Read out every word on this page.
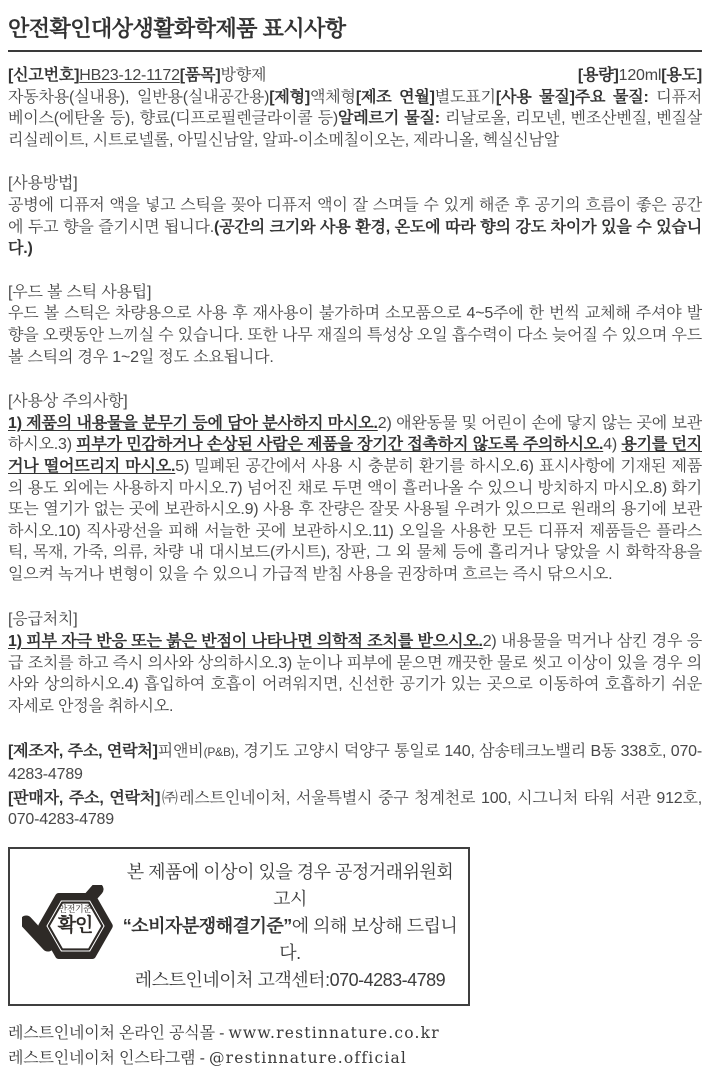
안전확인대상생활화학제품 표시사항
[신고번호]HB23-12-1172[품목]방향제	[용량]120ml[용도]

자동차용(실내용), 일반용(실내공간용)[제형]액체형[제조 연월]별도표기[사용 물질]주요 물질: 디퓨저 베이스(에탄올 등), 향료(디프로필렌글라이콜 등)알레르기 물질: 리날로올, 리모넨, 벤조산벤질, 벤질살리실레이트, 시트로넬롤, 아밀신남알, 알파-이소메칠이오논, 제라니올, 헥실신남알

[사용방법]

공병에 디퓨저 액을 넣고 스틱을 꽂아 디퓨저 액이 잘 스며들 수 있게 해준 후 공기의 흐름이 좋은 공간에 두고 향을 즐기시면 됩니다.(공간의 크기와 사용 환경, 온도에 따라 향의 강도 차이가 있을 수 있습니다.)

[우드 볼 스틱 사용팁]

우드 볼 스틱은 차량용으로 사용 후 재사용이 불가하며 소모품으로 4~5주에 한 번씩 교체해 주셔야 발향을 오랫동안 느끼실 수 있습니다. 또한 나무 재질의 특성상 오일 흡수력이 다소 늦어질 수 있으며 우드 볼 스틱의 경우 1~2일 정도 소요됩니다.

[사용상 주의사항]

1) 제품의 내용물을 분무기 등에 담아 분사하지 마시오.2) 애완동물 및 어린이 손에 닿지 않는 곳에 보관하시오.3) 피부가 민감하거나 손상된 사람은 제품을 장기간 접촉하지 않도록 주의하시오.4) 용기를 던지거나 떨어뜨리지 마시오.5) 밀폐된 공간에서 사용 시 충분히 환기를 하시오.6) 표시사항에 기재된 제품의 용도 외에는 사용하지 마시오.7) 넘어진 채로 두면 액이 흘러나올 수 있으니 방치하지 마시오.8) 화기 또는 열기가 없는 곳에 보관하시오.9) 사용 후 잔량은 잘못 사용될 우려가 있으므로 원래의 용기에 보관하시오.10) 직사광선을 피해 서늘한 곳에 보관하시오.11) 오일을 사용한 모든 디퓨저 제품들은 플라스틱, 목재, 가죽, 의류, 차량 내 대시보드(카시트), 장판, 그 외 물체 등에 흘리거나 닿았을 시 화학작용을 일으켜 녹거나 변형이 있을 수 있으니 가급적 받침 사용을 권장하며 흐르는 즉시 닦으시오.

[응급처치]

1) 피부 자극 반응 또는 붉은 반점이 나타나면 의학적 조치를 받으시오.2) 내용물을 먹거나 삼킨 경우 응급 조치를 하고 즉시 의사와 상의하시오.3) 눈이나 피부에 묻으면 깨끗한 물로 씻고 이상이 있을 경우 의사와 상의하시오.4) 흡입하여 호흡이 어려워지면, 신선한 공기가 있는 곳으로 이동하여 호흡하기 쉬운 자세로 안정을 취하시오.

[제조자, 주소, 연락처]피앤비(P&B), 경기도 고양시 덕양구 통일로 140, 삼송테크노밸리 B동 338호, 070-4283-4789

[판매자, 주소, 연락처]㈜레스트인네이처, 서울특별시 중구 청계천로 100, 시그니처 타워 서관 912호, 070-4283-4789

안전기준
확인
본 제품에 이상이 있을 경우 공정거래위원회 고시
“소비자분쟁해결기준”에 의해 보상해 드립니다.
레스트인네이처 고객센터:070-4283-4789
레스트인네이처 온라인 공식몰 - www.restinnature.co.kr
레스트인네이처 인스타그램 - @restinnature.official
